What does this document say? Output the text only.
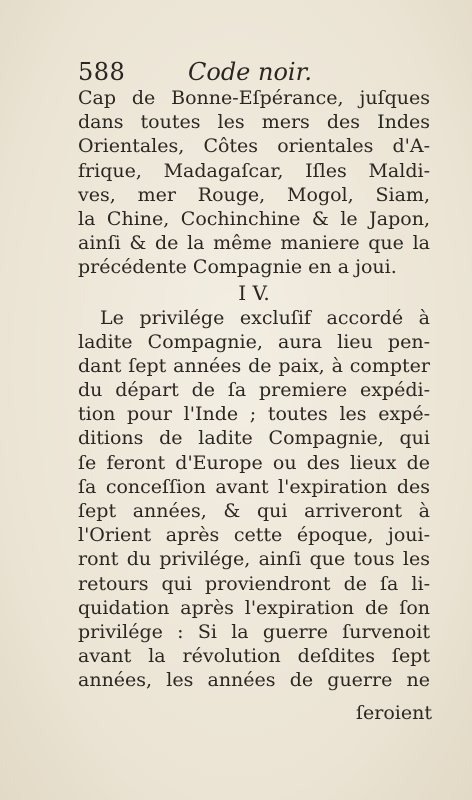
588	Code noir.
Cap de Bonne-Eſpérance, juſques
dans toutes les mers des Indes
Orientales, Côtes orientales d'A-
frique, Madagaſcar, Iſles Maldi-
ves, mer Rouge, Mogol, Siam,
la Chine, Cochinchine & le Japon,
ainſi & de la même maniere que la
précédente Compagnie en a joui.
I V.
Le privilége excluſif accordé à
ladite Compagnie, aura lieu pen-
dant ſept années de paix, à compter
du départ de ſa premiere expédi-
tion pour l'Inde ; toutes les expé-
ditions de ladite Compagnie, qui
ſe feront d'Europe ou des lieux de
ſa conceſſion avant l'expiration des
ſept années, & qui arriveront à
l'Orient après cette époque, joui-
ront du privilége, ainſi que tous les
retours qui proviendront de ſa li-
quidation après l'expiration de ſon
privilége : Si la guerre ſurvenoit
avant la révolution deſdites ſept
années, les années de guerre ne
ſeroient
